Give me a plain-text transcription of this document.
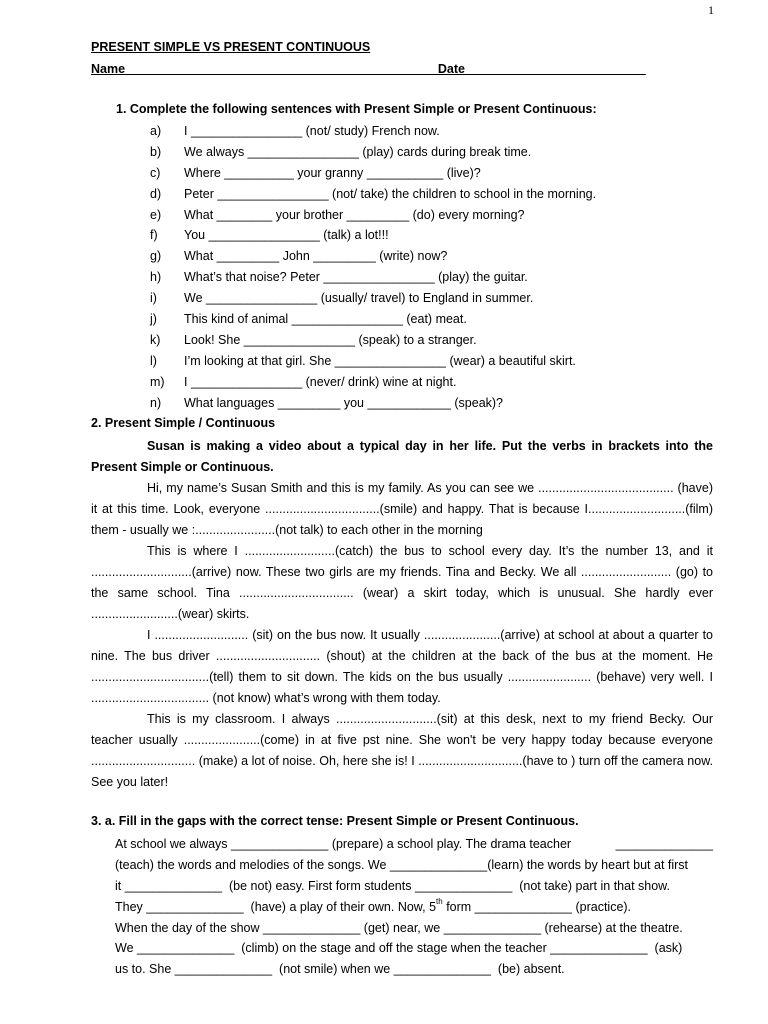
1
PRESENT SIMPLE VS PRESENT CONTINUOUS
Name_____________________________________________Date__________________________
1. Complete the following sentences with Present Simple or Present Continuous:
a)	I ________________ (not/ study) French now.
b)	We always ________________ (play) cards during break time.
c)	Where __________ your granny ___________ (live)?
d)	Peter ________________ (not/ take) the children to school in the morning.
e)	What ________ your brother _________ (do) every morning?
f)	You ________________ (talk) a lot!!!
g)	What _________ John _________ (write) now?
h)	What’s that noise? Peter ________________ (play) the guitar.
i)	We ________________ (usually/ travel) to England in summer.
j)	This kind of animal ________________ (eat) meat.
k)	Look! She ________________ (speak) to a stranger.
l)	I’m looking at that girl. She ________________ (wear) a beautiful skirt.
m)	I ________________ (never/ drink) wine at night.
n)	What languages _________ you ____________ (speak)?
2. Present Simple / Continuous

Susan is making a video about a typical day in her life. Put the verbs in brackets into the Present Simple or Continuous.

Hi, my name’s Susan Smith and this is my family. As you can see we ....................................... (have) it at this time. Look, everyone .................................(smile) and happy. That is because I............................(film) them - usually we :.......................(not talk) to each other in the morning

This is where I ..........................(catch) the bus to school every day. It’s the number 13, and it .............................(arrive) now. These two girls are my friends. Tina and Becky. We all .......................... (go) to the same school. Tina ................................. (wear) a skirt today, which is unusual. She hardly ever .........................(wear) skirts.

I ........................... (sit) on the bus now. It usually ......................(arrive) at school at about a quarter to nine. The bus driver .............................. (shout) at the children at the back of the bus at the moment. He ..................................(tell) them to sit down. The kids on the bus usually ........................ (behave) very well. I .................................. (not know) what’s wrong with them today.

This is my classroom. I always .............................(sit) at this desk, next to my friend Becky. Our teacher usually ......................(come) in at five pst nine. She won't be very happy today because everyone .............................. (make) a lot of noise. Oh, here she is! I ..............................(have to ) turn off the camera now. See you later!

3. a. Fill in the gaps with the correct tense: Present Simple or Present Continuous.
At school we always ______________ (prepare) a school play. The drama teacher	______________
(teach) the words and melodies of the songs. We ______________(learn) the words by heart but at first
it ______________  (be not) easy. First form students ______________  (not take) part in that show.
They ______________  (have) a play of their own. Now, 5th form ______________ (practice).
When the day of the show ______________ (get) near, we ______________ (rehearse) at the theatre.
We ______________  (climb) on the stage and off the stage when the teacher ______________  (ask)
us to. She ______________  (not smile) when we ______________  (be) absent.
